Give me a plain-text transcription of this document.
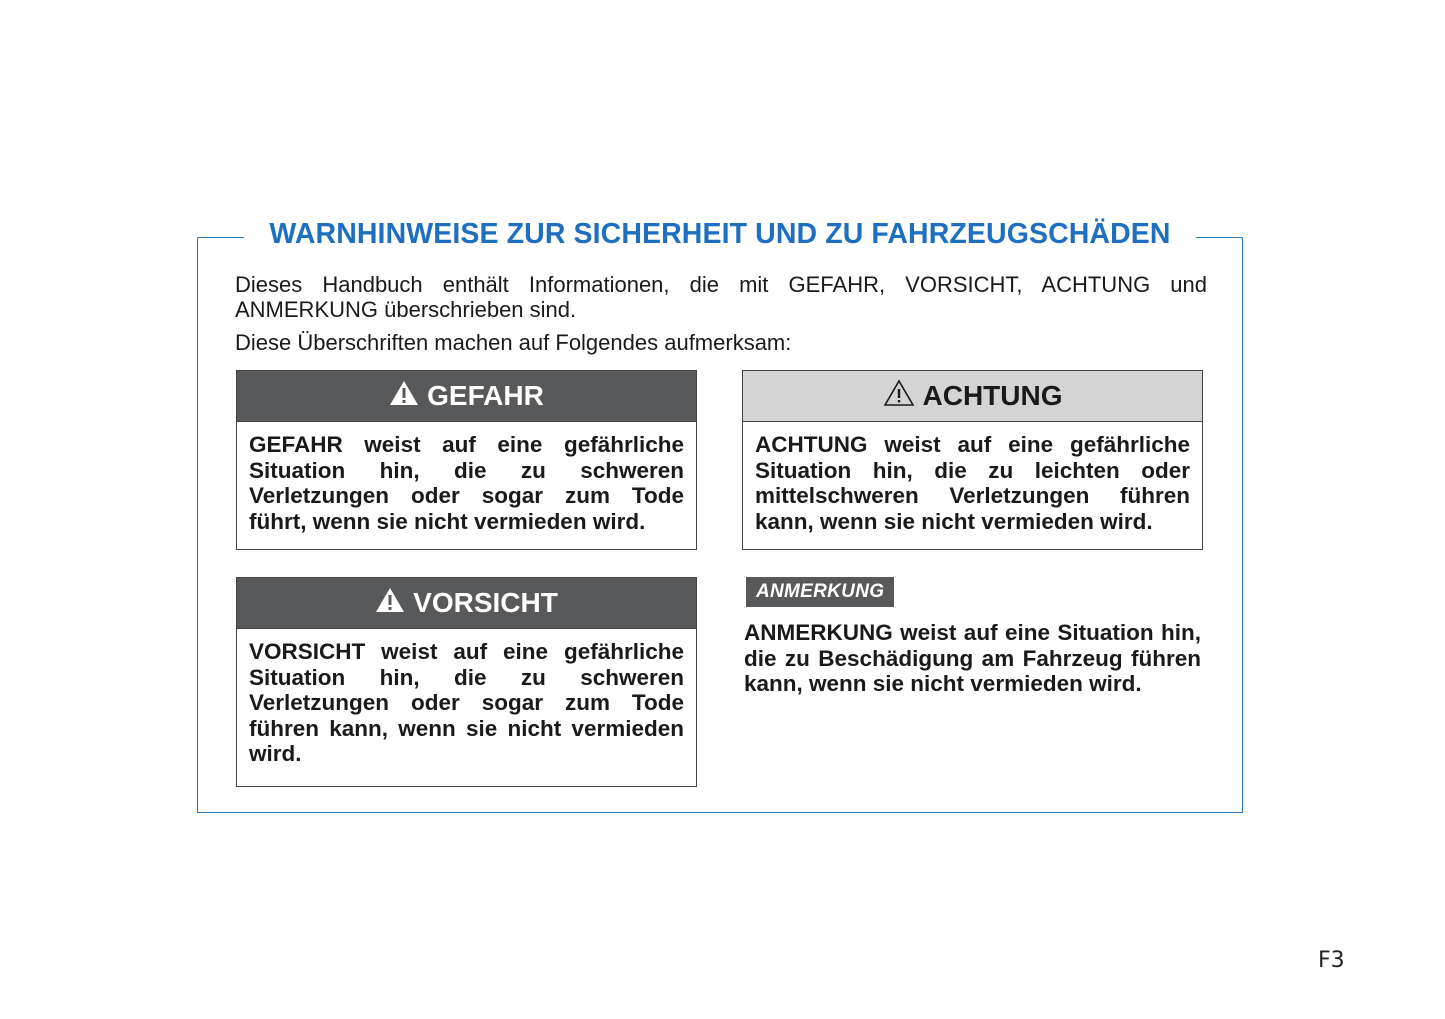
WARNHINWEISE ZUR SICHERHEIT UND ZU FAHRZEUGSCHÄDEN

Dieses Handbuch enthält Informationen, die mit GEFAHR, VORSICHT, ACHTUNG und ANMERKUNG überschrieben sind.

Diese Überschriften machen auf Folgendes aufmerksam:

GEFAHR
GEFAHR weist auf eine gefährliche Situation hin, die zu schweren Verletzungen oder sogar zum Tode führt, wenn sie nicht vermieden wird.
ACHTUNG
ACHTUNG weist auf eine gefährliche Situation hin, die zu leichten oder mittelschweren Verletzungen führen kann, wenn sie nicht vermieden wird.
VORSICHT
VORSICHT weist auf eine gefährliche Situation hin, die zu schweren Verletzungen oder sogar zum Tode führen kann, wenn sie nicht vermieden wird.
ANMERKUNG
ANMERKUNG weist auf eine Situation hin, die zu Beschädigung am Fahrzeug führen kann, wenn sie nicht vermieden wird.
F3
